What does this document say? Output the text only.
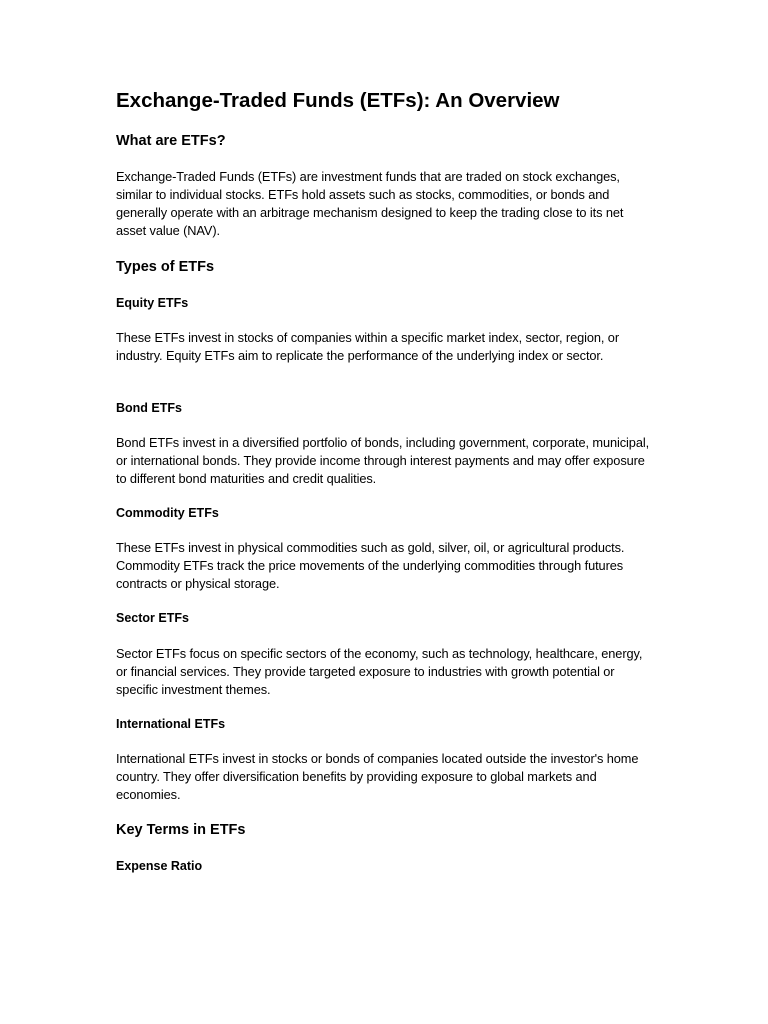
Exchange-Traded Funds (ETFs): An Overview
What are ETFs?

Exchange-Traded Funds (ETFs) are investment funds that are traded on stock exchanges, similar to individual stocks. ETFs hold assets such as stocks, commodities, or bonds and generally operate with an arbitrage mechanism designed to keep the trading close to its net asset value (NAV).

Types of ETFs
Equity ETFs

These ETFs invest in stocks of companies within a specific market index, sector, region, or industry. Equity ETFs aim to replicate the performance of the underlying index or sector.

Bond ETFs

Bond ETFs invest in a diversified portfolio of bonds, including government, corporate, municipal, or international bonds. They provide income through interest payments and may offer exposure to different bond maturities and credit qualities.

Commodity ETFs

These ETFs invest in physical commodities such as gold, silver, oil, or agricultural products. Commodity ETFs track the price movements of the underlying commodities through futures contracts or physical storage.

Sector ETFs

Sector ETFs focus on specific sectors of the economy, such as technology, healthcare, energy, or financial services. They provide targeted exposure to industries with growth potential or specific investment themes.

International ETFs

International ETFs invest in stocks or bonds of companies located outside the investor's home country. They offer diversification benefits by providing exposure to global markets and economies.

Key Terms in ETFs
Expense Ratio
